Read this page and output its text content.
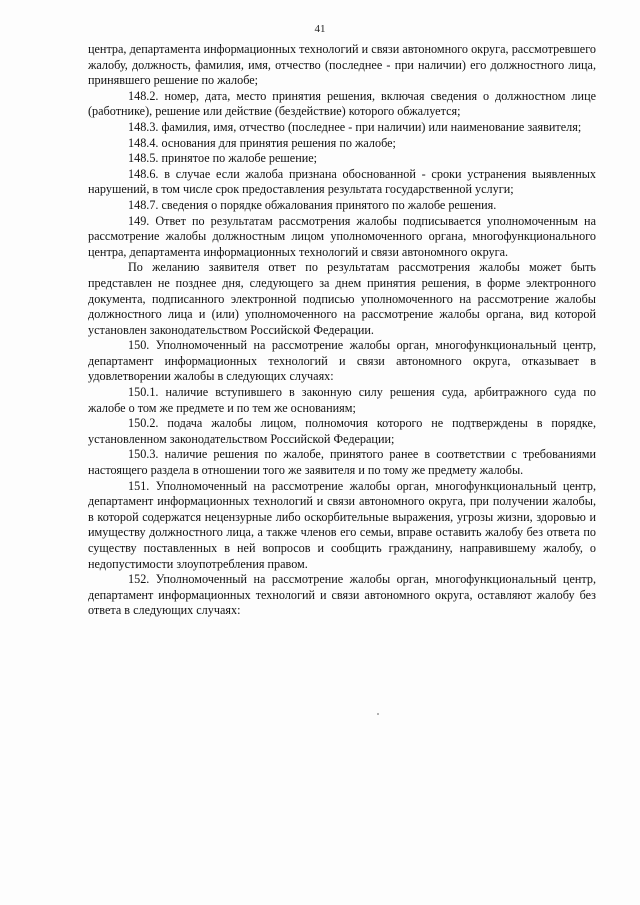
41

центра, департамента информационных технологий и связи автономного округа, рассмотревшего жалобу, должность, фамилия, имя, отчество (последнее - при наличии) его должностного лица, принявшего решение по жалобе;

148.2. номер, дата, место принятия решения, включая сведения о должностном лице (работнике), решение или действие (бездействие) которого обжалуется;

148.3. фамилия, имя, отчество (последнее - при наличии) или наименование заявителя;

148.4. основания для принятия решения по жалобе;

148.5. принятое по жалобе решение;

148.6. в случае если жалоба признана обоснованной - сроки устранения выявленных нарушений, в том числе срок предоставления результата государственной услуги;

148.7. сведения о порядке обжалования принятого по жалобе решения.

149. Ответ по результатам рассмотрения жалобы подписывается уполномоченным на рассмотрение жалобы должностным лицом уполномоченного органа, многофункционального центра, департамента информационных технологий и связи автономного округа.

По желанию заявителя ответ по результатам рассмотрения жалобы может быть представлен не позднее дня, следующего за днем принятия решения, в форме электронного документа, подписанного электронной подписью уполномоченного на рассмотрение жалобы должностного лица и (или) уполномоченного на рассмотрение жалобы органа, вид которой установлен законодательством Российской Федерации.

150. Уполномоченный на рассмотрение жалобы орган, многофункциональный центр, департамент информационных технологий и связи автономного округа, отказывает в удовлетворении жалобы в следующих случаях:

150.1. наличие вступившего в законную силу решения суда, арбитражного суда по жалобе о том же предмете и по тем же основаниям;

150.2. подача жалобы лицом, полномочия которого не подтверждены в порядке, установленном законодательством Российской Федерации;

150.3. наличие решения по жалобе, принятого ранее в соответствии с требованиями настоящего раздела в отношении того же заявителя и по тому же предмету жалобы.

151. Уполномоченный на рассмотрение жалобы орган, многофункциональный центр, департамент информационных технологий и связи автономного округа, при получении жалобы, в которой содержатся нецензурные либо оскорбительные выражения, угрозы жизни, здоровью и имуществу должностного лица, а также членов его семьи, вправе оставить жалобу без ответа по существу поставленных в ней вопросов и сообщить гражданину, направившему жалобу, о недопустимости злоупотребления правом.

152. Уполномоченный на рассмотрение жалобы орган, многофункциональный центр, департамент информационных технологий и связи автономного округа, оставляют жалобу без ответа в следующих случаях:
